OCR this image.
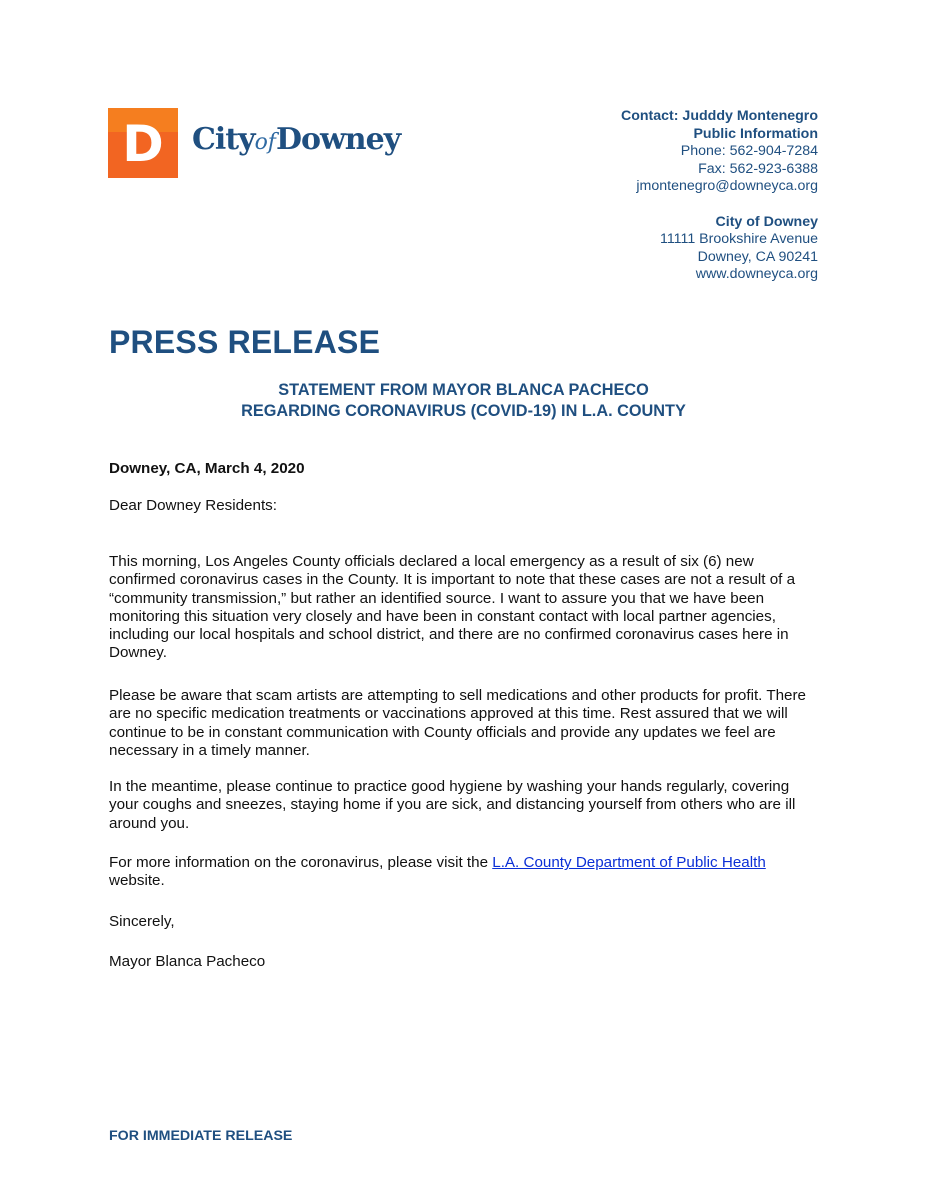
D CityofDowney
Contact: Judddy Montenegro
Public Information
Phone: 562-904-7284
Fax: 562-923-6388
jmontenegro@downeyca.org
City of Downey
11111 Brookshire Avenue
Downey, CA 90241
www.downeyca.org
PRESS RELEASE
STATEMENT FROM MAYOR BLANCA PACHECO
REGARDING CORONAVIRUS (COVID-19) IN L.A. COUNTY
Downey, CA, March 4, 2020
Dear Downey Residents:

This morning, Los Angeles County officials declared a local emergency as a result of six (6) new confirmed coronavirus cases in the County. It is important to note that these cases are not a result of a “community transmission,” but rather an identified source. I want to assure you that we have been monitoring this situation very closely and have been in constant contact with local partner agencies, including our local hospitals and school district, and there are no confirmed coronavirus cases here in Downey.

Please be aware that scam artists are attempting to sell medications and other products for profit. There are no specific medication treatments or vaccinations approved at this time. Rest assured that we will continue to be in constant communication with County officials and provide any updates we feel are necessary in a timely manner.

In the meantime, please continue to practice good hygiene by washing your hands regularly, covering your coughs and sneezes, staying home if you are sick, and distancing yourself from others who are ill around you.

For more information on the coronavirus, please visit the L.A. County Department of Public Health website.

Sincerely,
Mayor Blanca Pacheco
FOR IMMEDIATE RELEASE
